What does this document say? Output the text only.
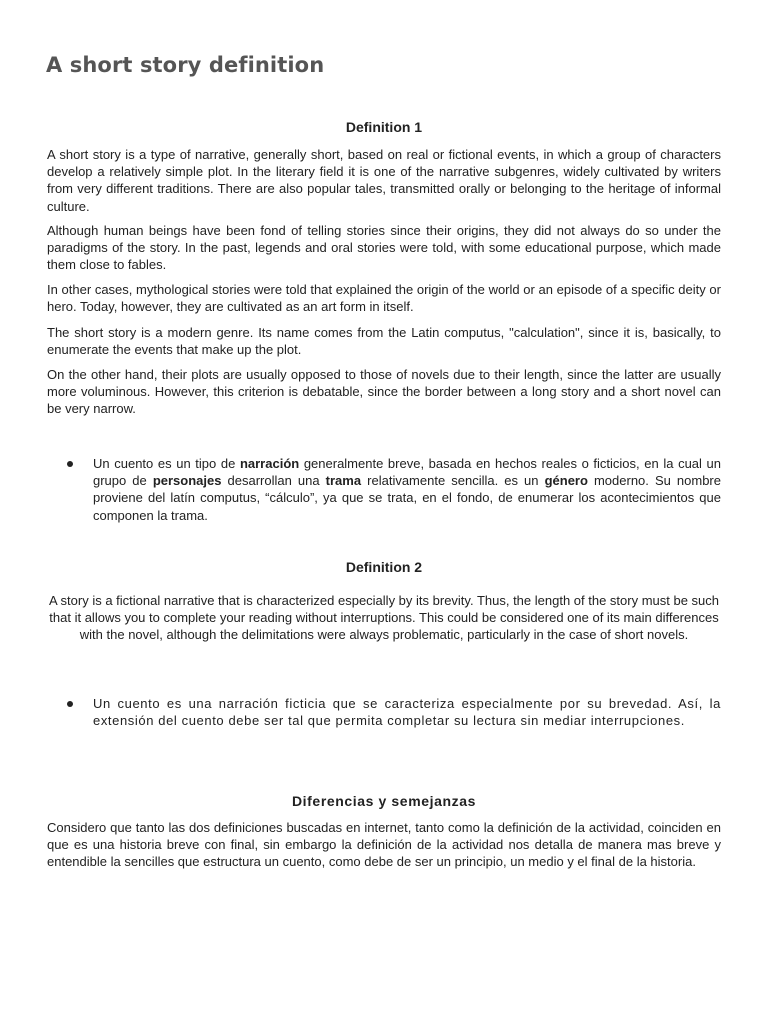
A short story definition
Definition 1

A short story is a type of narrative, generally short, based on real or fictional events, in which a group of characters develop a relatively simple plot. In the literary field it is one of the narrative subgenres, widely cultivated by writers from very different traditions. There are also popular tales, transmitted orally or belonging to the heritage of informal culture.

Although human beings have been fond of telling stories since their origins, they did not always do so under the paradigms of the story. In the past, legends and oral stories were told, with some educational purpose, which made them close to fables.

In other cases, mythological stories were told that explained the origin of the world or an episode of a specific deity or hero. Today, however, they are cultivated as an art form in itself.

The short story is a modern genre. Its name comes from the Latin computus, "calculation", since it is, basically, to enumerate the events that make up the plot.

On the other hand, their plots are usually opposed to those of novels due to their length, since the latter are usually more voluminous. However, this criterion is debatable, since the border between a long story and a short novel can be very narrow.

Un cuento es un tipo de narración generalmente breve, basada en hechos reales o ficticios, en la cual un grupo de personajes desarrollan una trama relativamente sencilla. es un género moderno. Su nombre proviene del latín computus, “cálculo”, ya que se trata, en el fondo, de enumerar los acontecimientos que componen la trama.

Definition 2

A story is a fictional narrative that is characterized especially by its brevity. Thus, the length of the story must be such that it allows you to complete your reading without interruptions. This could be considered one of its main differences with the novel, although the delimitations were always problematic, particularly in the case of short novels.

Un cuento es una narración ficticia que se caracteriza especialmente por su brevedad. Así, la extensión del cuento debe ser tal que permita completar su lectura sin mediar interrupciones.

Diferencias y semejanzas

Considero que tanto las dos definiciones buscadas en internet, tanto como la definición de la actividad, coinciden en que es una historia breve con final, sin embargo la definición de la actividad nos detalla de manera mas breve y entendible la sencilles que estructura un cuento, como debe de ser un principio, un medio y el final de la historia.
